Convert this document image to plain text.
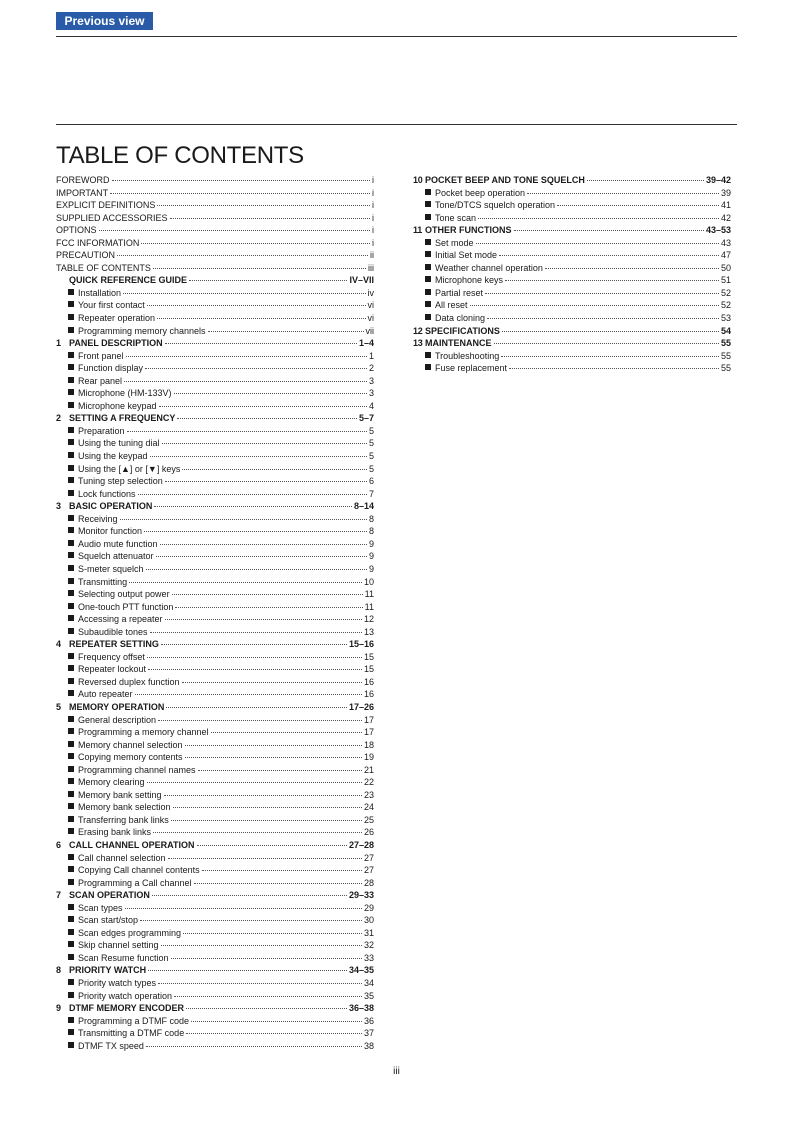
Previous view
TABLE OF CONTENTS
FOREWORD	i
IMPORTANT	i
EXPLICIT DEFINITIONS	i
SUPPLIED ACCESSORIES	i
OPTIONS	i
FCC INFORMATION	i
PRECAUTION	ii
TABLE OF CONTENTS	iii
QUICK REFERENCE GUIDE	IV–VII
Installation	iv
Your first contact	vi
Repeater operation	vi
Programming memory channels	vii
1 PANEL DESCRIPTION	1–4
Front panel	1
Function display	2
Rear panel	3
Microphone (HM-133V)	3
Microphone keypad	4
2 SETTING A FREQUENCY	5–7
Preparation	5
Using the tuning dial	5
Using the keypad	5
Using the [▲] or [▼] keys	5
Tuning step selection	6
Lock functions	7
3 BASIC OPERATION	8–14
Receiving	8
Monitor function	8
Audio mute function	9
Squelch attenuator	9
S-meter squelch	9
Transmitting	10
Selecting output power	11
One-touch PTT function	11
Accessing a repeater	12
Subaudible tones	13
4 REPEATER SETTING	15–16
Frequency offset	15
Repeater lockout	15
Reversed duplex function	16
Auto repeater	16
5 MEMORY OPERATION	17–26
General description	17
Programming a memory channel	17
Memory channel selection	18
Copying memory contents	19
Programming channel names	21
Memory clearing	22
Memory bank setting	23
Memory bank selection	24
Transferring bank links	25
Erasing bank links	26
6 CALL CHANNEL OPERATION	27–28
Call channel selection	27
Copying Call channel contents	27
Programming a Call channel	28
7 SCAN OPERATION	29–33
Scan types	29
Scan start/stop	30
Scan edges programming	31
Skip channel setting	32
Scan Resume function	33
8 PRIORITY WATCH	34–35
Priority watch types	34
Priority watch operation	35
9 DTMF MEMORY ENCODER	36–38
Programming a DTMF code	36
Transmitting a DTMF code	37
DTMF TX speed	38
10 POCKET BEEP AND TONE SQUELCH	39–42
Pocket beep operation	39
Tone/DTCS squelch operation	41
Tone scan	42
11 OTHER FUNCTIONS	43–53
Set mode	43
Initial Set mode	47
Weather channel operation	50
Microphone keys	51
Partial reset	52
All reset	52
Data cloning	53
12 SPECIFICATIONS	54
13 MAINTENANCE	55
Troubleshooting	55
Fuse replacement	55
iii
